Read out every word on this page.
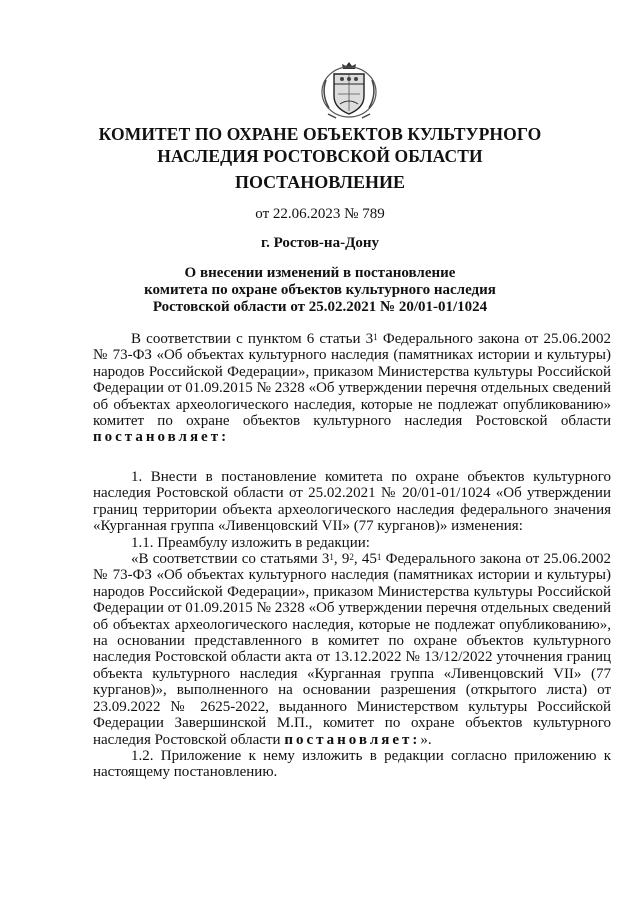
КОМИТЕТ ПО ОХРАНЕ ОБЪЕКТОВ КУЛЬТУРНОГО
НАСЛЕДИЯ РОСТОВСКОЙ ОБЛАСТИ
ПОСТАНОВЛЕНИЕ
от 22.06.2023 № 789
г. Ростов-на-Дону
О внесении изменений в постановление
комитета по охране объектов культурного наследия
Ростовской области от 25.02.2021 № 20/01-01/1024

В соответствии с пунктом 6 статьи $3^1$ Федерального закона от 25.06.2002 № 73-ФЗ «Об объектах культурного наследия (памятниках истории и культуры) народов Российской Федерации», приказом Министерства культуры Российской Федерации от 01.09.2015 № 2328 «Об утверждении перечня отдельных сведений об объектах археологического наследия, которые не подлежат опубликованию» комитет по охране объектов культурного наследия Ростовской области постановляет:

1. Внести в постановление комитета по охране объектов культурного наследия Ростовской области от 25.02.2021 № 20/01-01/1024 «Об утверждении границ территории объекта археологического наследия федерального значения «Курганная группа «Ливенцовский VII» (77 курганов)» изменения:

1.1. Преамбулу изложить в редакции:

«В соответствии со статьями $3^1$, $9^2$, $45^1$ Федерального закона от 25.06.2002 № 73-ФЗ «Об объектах культурного наследия (памятниках истории и культуры) народов Российской Федерации», приказом Министерства культуры Российской Федерации от 01.09.2015 № 2328 «Об утверждении перечня отдельных сведений об объектах археологического наследия, которые не подлежат опубликованию», на основании представленного в комитет по охране объектов культурного наследия Ростовской области акта от 13.12.2022 № 13/12/2022 уточнения границ объекта культурного наследия «Курганная группа «Ливенцовский VII» (77 курганов)», выполненного на основании разрешения (открытого листа) от 23.09.2022 № 2625-2022, выданного Министерством культуры Российской Федерации Завершинской М.П., комитет по охране объектов культурного наследия Ростовской области постановляет:».

1.2. Приложение к нему изложить в редакции согласно приложению к настоящему постановлению.
